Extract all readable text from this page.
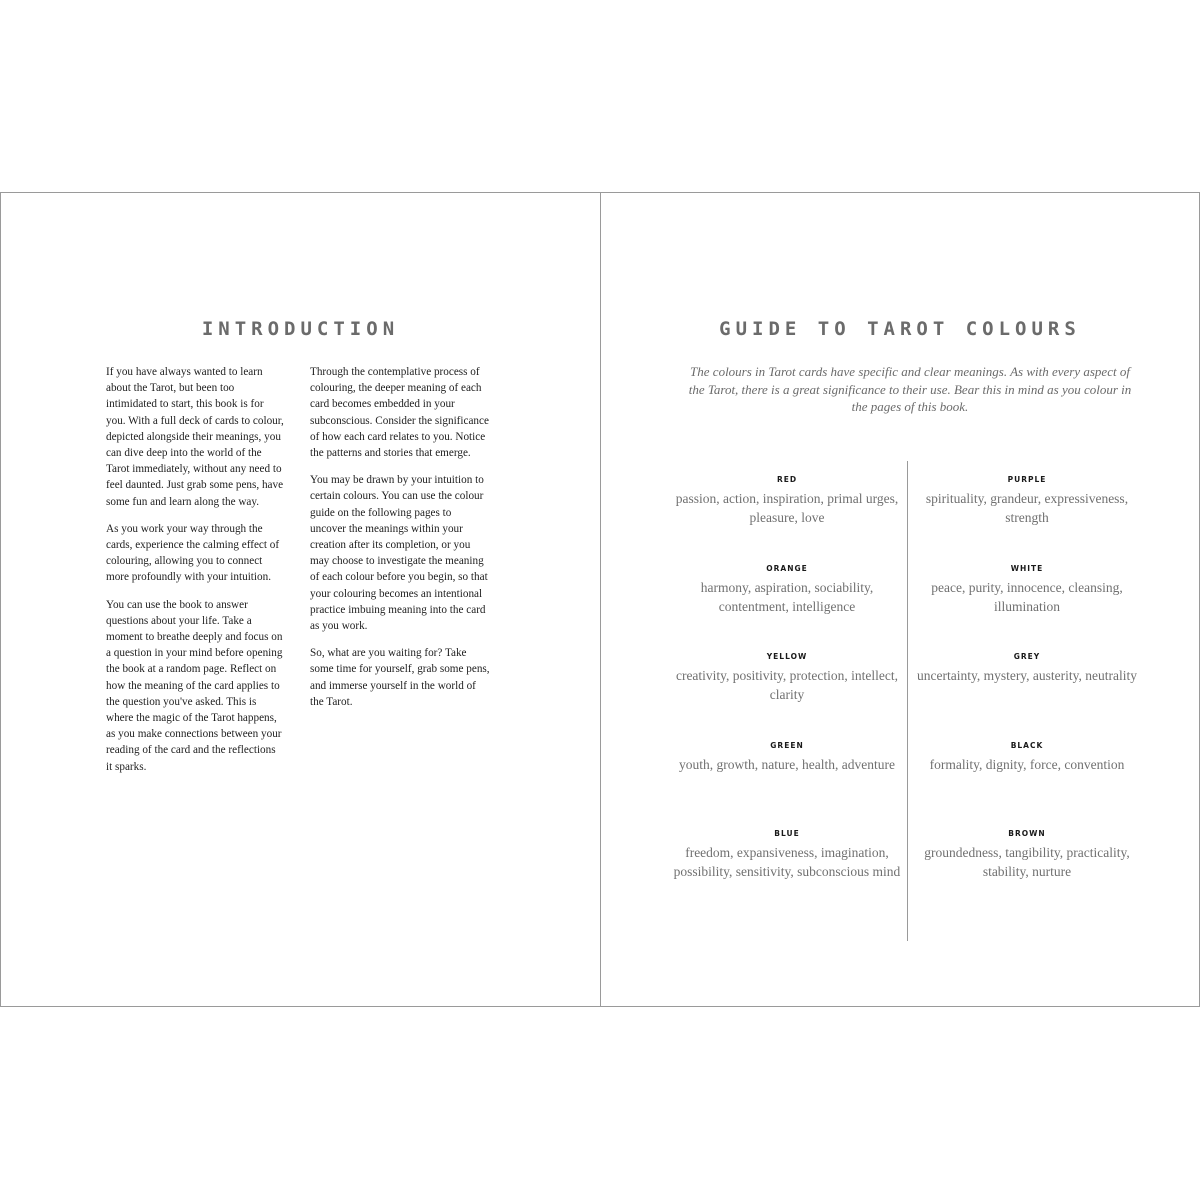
INTRODUCTION

If you have always wanted to learn about the Tarot, but been too intimidated to start, this book is for you. With a full deck of cards to colour, depicted alongside their meanings, you can dive deep into the world of the Tarot immediately, without any need to feel daunted. Just grab some pens, have some fun and learn along the way.

As you work your way through the cards, experience the calming effect of colouring, allowing you to connect more profoundly with your intuition.

You can use the book to answer questions about your life. Take a moment to breathe deeply and focus on a question in your mind before opening the book at a random page. Reflect on how the meaning of the card applies to the question you've asked. This is where the magic of the Tarot happens, as you make connections between your reading of the card and the reflections it sparks.

Through the contemplative process of colouring, the deeper meaning of each card becomes embedded in your subconscious. Consider the significance of how each card relates to you. Notice the patterns and stories that emerge.

You may be drawn by your intuition to certain colours. You can use the colour guide on the following pages to uncover the meanings within your creation after its completion, or you may choose to investigate the meaning of each colour before you begin, so that your colouring becomes an intentional practice imbuing meaning into the card as you work.

So, what are you waiting for? Take some time for yourself, grab some pens, and immerse yourself in the world of the Tarot.

GUIDE TO TAROT COLOURS
The colours in Tarot cards have specific and clear meanings. As with every aspect of the Tarot, there is a great significance to their use. Bear this in mind as you colour in the pages of this book.
RED
passion, action, inspiration, primal urges, pleasure, love
ORANGE
harmony, aspiration, sociability, contentment, intelligence
YELLOW
creativity, positivity, protection, intellect, clarity
GREEN
youth, growth, nature, health, adventure
BLUE
freedom, expansiveness, imagination, possibility, sensitivity, subconscious mind
PURPLE
spirituality, grandeur, expressiveness, strength
WHITE
peace, purity, innocence, cleansing, illumination
GREY
uncertainty, mystery, austerity, neutrality
BLACK
formality, dignity, force, convention
BROWN
groundedness, tangibility, practicality, stability, nurture
